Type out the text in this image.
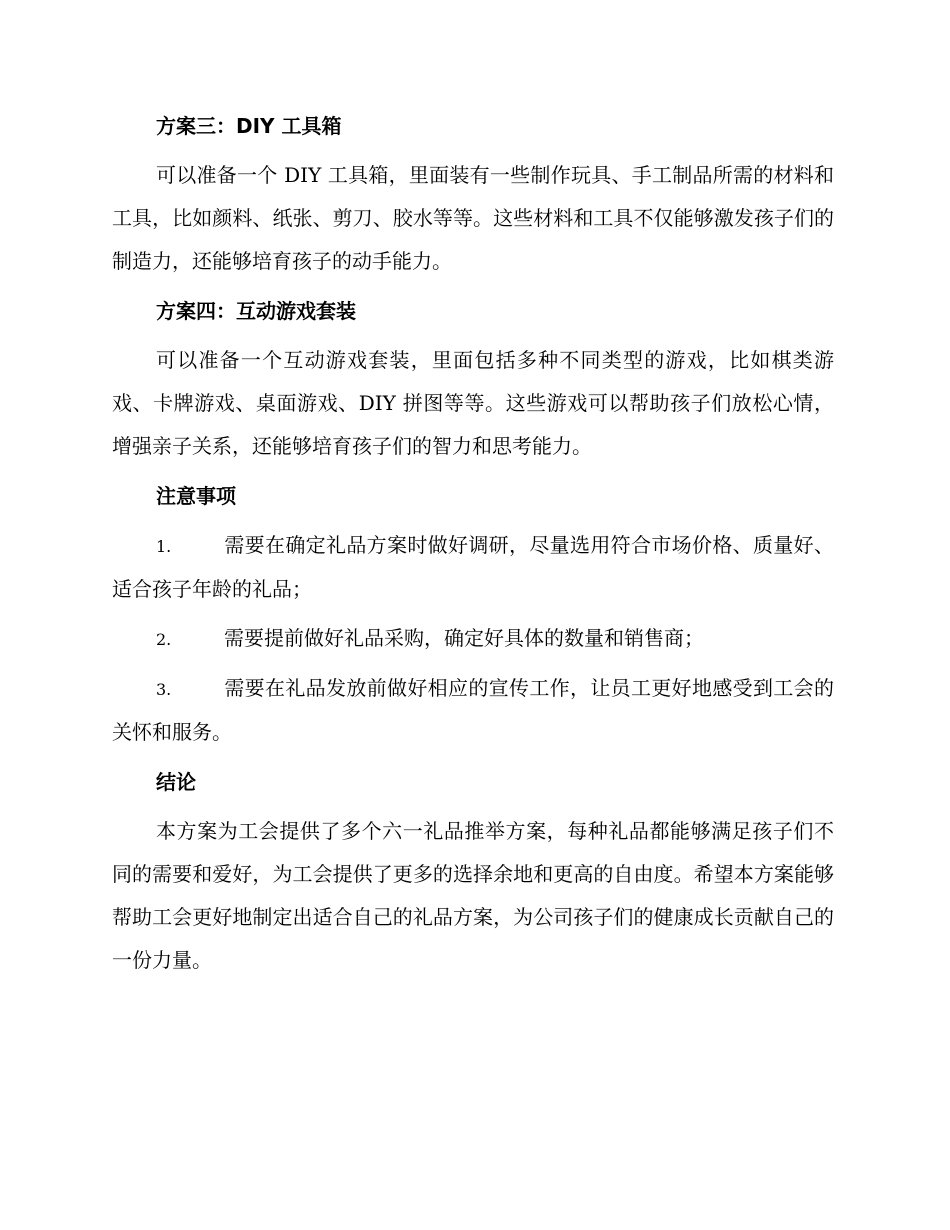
方案三：DIY 工具箱

可以准备一个 DIY 工具箱，里面装有一些制作玩具、手工制品所需的材料和工具，比如颜料、纸张、剪刀、胶水等等。这些材料和工具不仅能够激发孩子们的制造力，还能够培育孩子的动手能力。

方案四：互动游戏套装

可以准备一个互动游戏套装，里面包括多种不同类型的游戏，比如棋类游戏、卡牌游戏、桌面游戏、DIY 拼图等等。这些游戏可以帮助孩子们放松心情，增强亲子关系，还能够培育孩子们的智力和思考能力。

注意事项
1.	需要在确定礼品方案时做好调研，尽量选用符合市场价格、质量好、适合孩子年龄的礼品；
2.	需要提前做好礼品采购，确定好具体的数量和销售商；
3.	需要在礼品发放前做好相应的宣传工作，让员工更好地感受到工会的关怀和服务。
结论

本方案为工会提供了多个六一礼品推举方案，每种礼品都能够满足孩子们不同的需要和爱好，为工会提供了更多的选择余地和更高的自由度。希望本方案能够帮助工会更好地制定出适合自己的礼品方案，为公司孩子们的健康成长贡献自己的一份力量。
